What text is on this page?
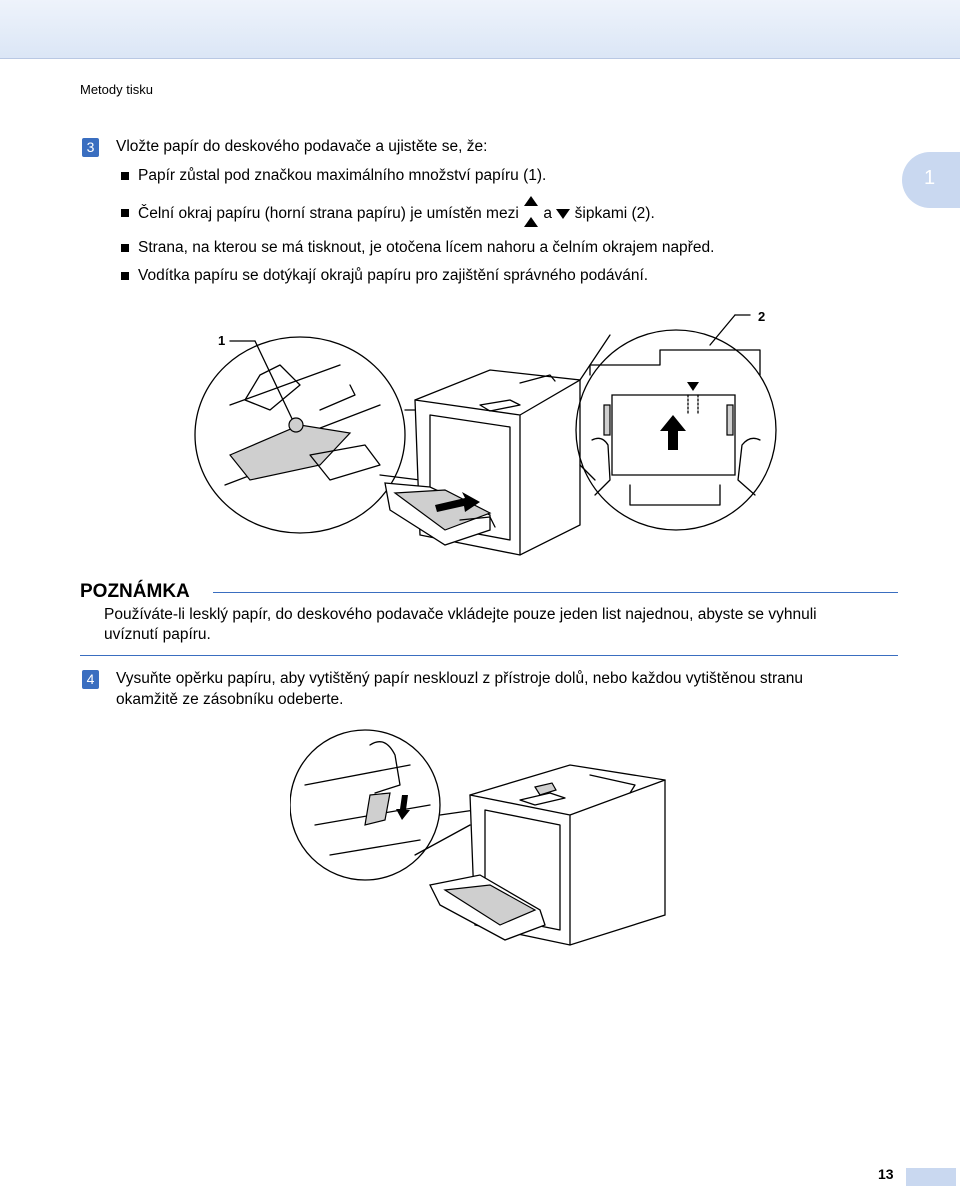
Metody tisku
1
3 Vložte papír do deskového podavače a ujistěte se, že:
Papír zůstal pod značkou maximálního množství papíru (1).
Čelní okraj papíru (horní strana papíru) je umístěn mezi a šipkami (2).
Strana, na kterou se má tisknout, je otočena lícem nahoru a čelním okrajem napřed.
Vodítka papíru se dotýkají okrajů papíru pro zajištění správného podávání.
1
2
POZNÁMKA
Používáte-li lesklý papír, do deskového podavače vkládejte pouze jeden list najednou, abyste se vyhnuli
uvíznutí papíru.
4 Vysuňte opěrku papíru, aby vytištěný papír nesklouzl z přístroje dolů, nebo každou vytištěnou stranu
okamžitě ze zásobníku odeberte.
13
